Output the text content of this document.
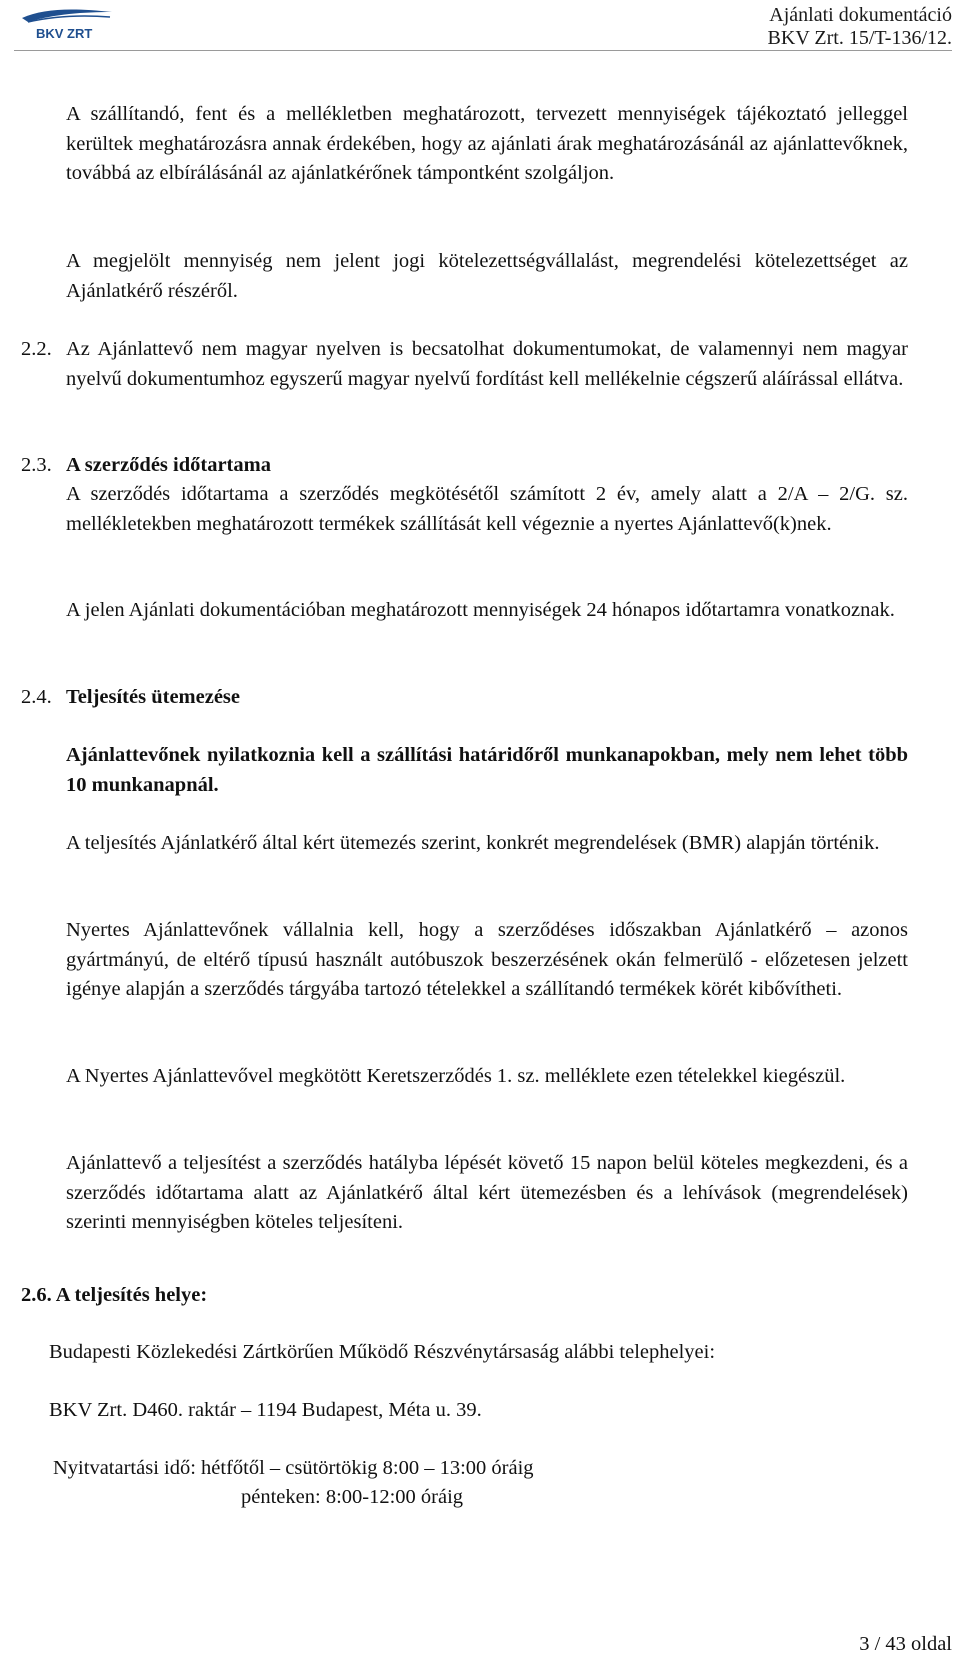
BKV ZRT
Ajánlati dokumentáció
BKV Zrt. 15/T-136/12.
A szállítandó, fent és a mellékletben meghatározott, tervezett mennyiségek tájékoztató jelleggel kerültek meghatározásra annak érdekében, hogy az ajánlati árak meghatározásánál az ajánlattevőknek, továbbá az elbírálásánál az ajánlatkérőnek támpontként szolgáljon.
A megjelölt mennyiség nem jelent jogi kötelezettségvállalást, megrendelési kötelezettséget az Ajánlatkérő részéről.
2.2. Az Ajánlattevő nem magyar nyelven is becsatolhat dokumentumokat, de valamennyi nem magyar nyelvű dokumentumhoz egyszerű magyar nyelvű fordítást kell mellékelnie cégszerű aláírással ellátva.
2.3. A szerződés időtartama
A szerződés időtartama a szerződés megkötésétől számított 2 év, amely alatt a 2/A – 2/G. sz. mellékletekben meghatározott termékek szállítását kell végeznie a nyertes Ajánlattevő(k)nek.
A jelen Ajánlati dokumentációban meghatározott mennyiségek 24 hónapos időtartamra vonatkoznak.
2.4. Teljesítés ütemezése
Ajánlattevőnek nyilatkoznia kell a szállítási határidőről munkanapokban, mely nem lehet több 10 munkanapnál.
A teljesítés Ajánlatkérő által kért ütemezés szerint, konkrét megrendelések (BMR) alapján történik.
Nyertes Ajánlattevőnek vállalnia kell, hogy a szerződéses időszakban Ajánlatkérő – azonos gyártmányú, de eltérő típusú használt autóbuszok beszerzésének okán felmerülő - előzetesen jelzett igénye alapján a szerződés tárgyába tartozó tételekkel a szállítandó termékek körét kibővítheti.
A Nyertes Ajánlattevővel megkötött Keretszerződés 1. sz. melléklete ezen tételekkel kiegészül.
Ajánlattevő a teljesítést a szerződés hatályba lépését követő 15 napon belül köteles megkezdeni, és a szerződés időtartama alatt az Ajánlatkérő által kért ütemezésben és a lehívások (megrendelések) szerinti mennyiségben köteles teljesíteni.
2.6. A teljesítés helye:
Budapesti Közlekedési Zártkörűen Működő Részvénytársaság alábbi telephelyei:
BKV Zrt. D460. raktár – 1194 Budapest, Méta u. 39.
Nyitvatartási idő: hétfőtől – csütörtökig 8:00 – 13:00 óráig
pénteken: 8:00-12:00 óráig
3 / 43 oldal
